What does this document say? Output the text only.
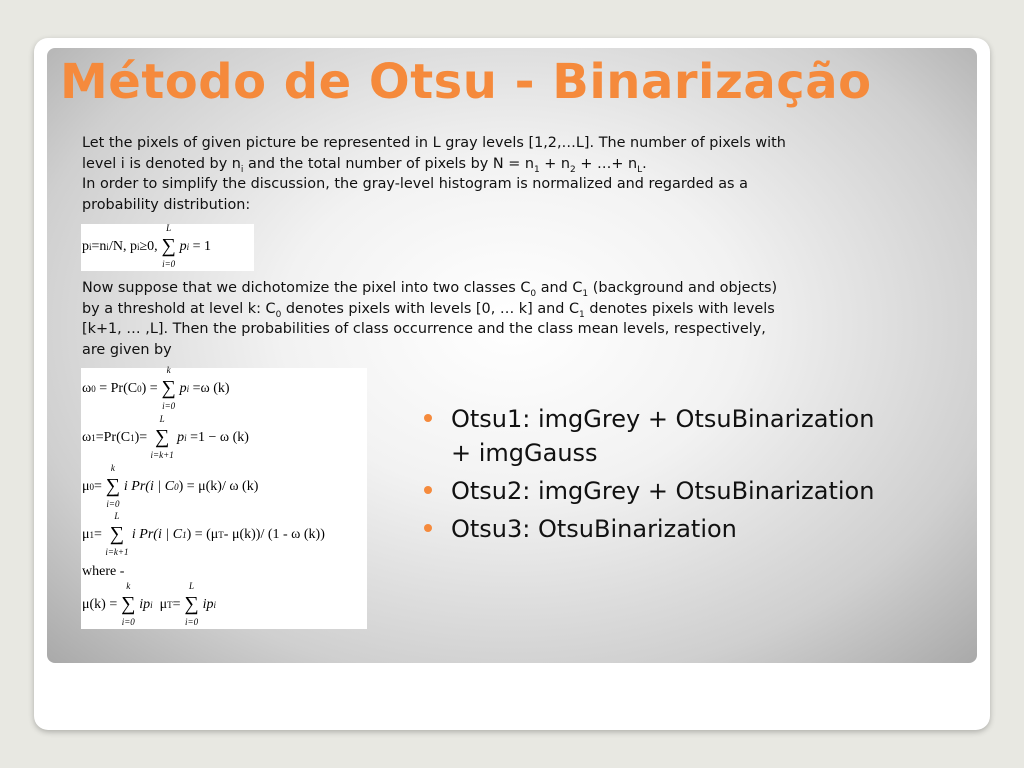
Método de Otsu - Binarização
Let the pixels of given picture be represented in L gray levels [1,2,…L]. The number of pixels with
level i is denoted by $n_i$ and the total number of pixels by $N = n_1 + n_2$ + …+ $n_L$.
In order to simplify the discussion, the gray-level histogram is normalized and regarded as a
probability distribution:
p i =n i /N, p i ≥0,
L
∑
i=0
p i
= 1
Now suppose that we dichotomize the pixel into two classes $C_0$ and $C_1$ (background and objects)
by a threshold at level k: $C_0$ denotes pixels with levels [0, … k] and $C_1$ denotes pixels with levels
[k+1, … ,L]. Then the probabilities of class occurrence and the class mean levels, respectively,
are given by
ω 0
= Pr(C 0 ) =
k
∑
i=0
p i
=ω (k)
ω 1 =Pr(C 1 )=
L
∑
i=k+1
p i
=1 − ω (k)
μ 0 =
k
∑
i=0
i Pr(i | C 0 ) = μ(k)/ ω (k)
μ 1 =
L
∑
i=k+1
i Pr(i | C 1 ) = (μ T - μ(k))/ (1 - ω (k))
where -
μ(k) =
k
∑
i=0
ip i
μ T =
L
∑
i=0
ip i
Otsu1: imgGrey + OtsuBinarization
+ imgGauss
Otsu2: imgGrey + OtsuBinarization
Otsu3: OtsuBinarization
